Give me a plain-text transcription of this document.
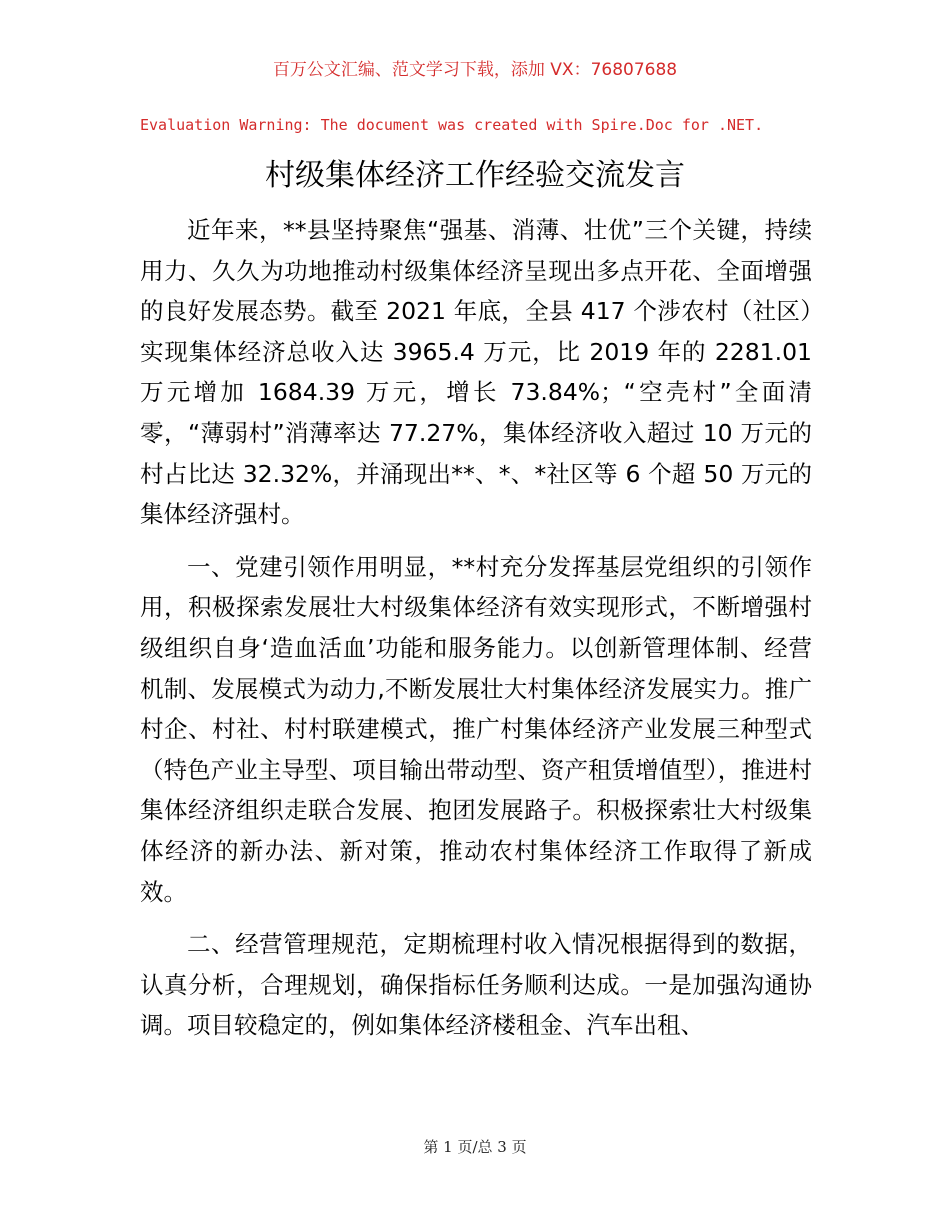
百万公文汇编、范文学习下载，添加 VX：76807688
Evaluation Warning: The document was created with Spire.Doc for .NET.
村级集体经济工作经验交流发言

近年来，**县坚持聚焦“强基、消薄、壮优”三个关键，持续用力、久久为功地推动村级集体经济呈现出多点开花、全面增强的良好发展态势。截至 2021 年底，全县 417 个涉农村（社区）实现集体经济总收入达 3965.4 万元，比 2019 年的 2281.01 万元增加 1684.39 万元，增长 73.84%；“空壳村”全面清零，“薄弱村”消薄率达 77.27%，集体经济收入超过 10 万元的村占比达 32.32%，并涌现出**、*、*社区等 6 个超 50 万元的集体经济强村。

一、党建引领作用明显，**村充分发挥基层党组织的引领作用，积极探索发展壮大村级集体经济有效实现形式，不断增强村级组织自身‘造血活血’功能和服务能力。以创新管理体制、经营机制、发展模式为动力,不断发展壮大村集体经济发展实力。推广村企、村社、村村联建模式，推广村集体经济产业发展三种型式（特色产业主导型、项目输出带动型、资产租赁增值型），推进村集体经济组织走联合发展、抱团发展路子。积极探索壮大村级集体经济的新办法、新对策，推动农村集体经济工作取得了新成效。

二、经营管理规范，定期梳理村收入情况根据得到的数据，认真分析，合理规划，确保指标任务顺利达成。一是加强沟通协调。项目较稳定的，例如集体经济楼租金、汽车出租、

第 1 页/总 3 页
